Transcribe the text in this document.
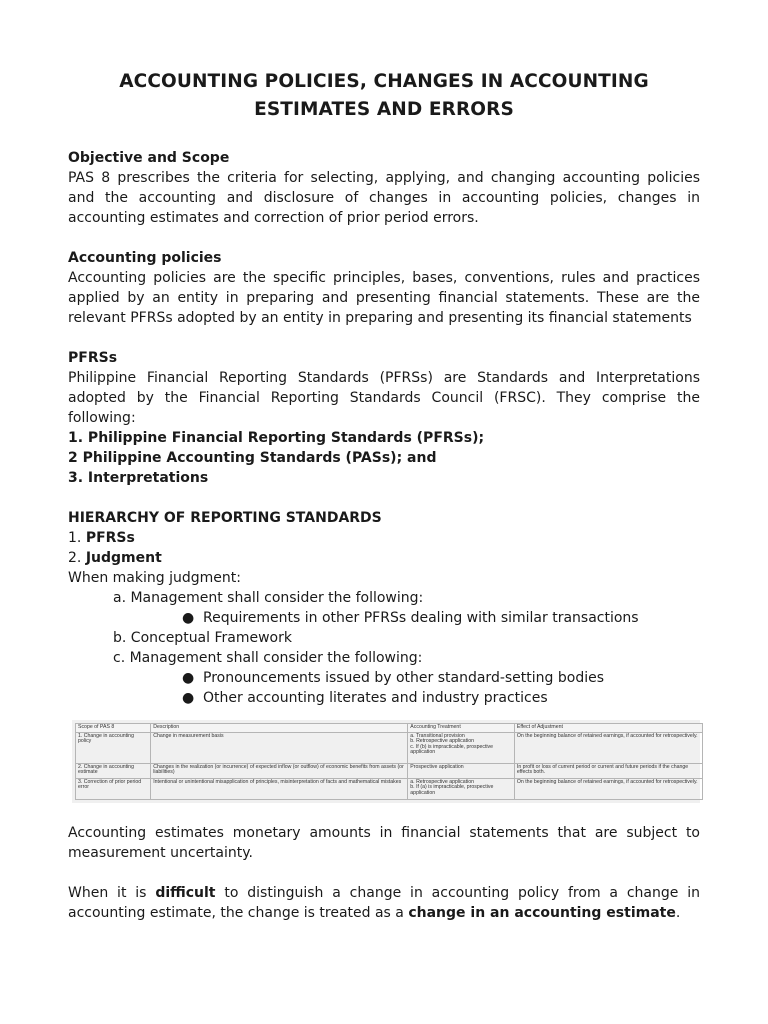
ACCOUNTING POLICIES, CHANGES IN ACCOUNTING
ESTIMATES AND ERRORS

Objective and Scope

PAS 8 prescribes the criteria for selecting, applying, and changing accounting policies and the accounting and disclosure of changes in accounting policies, changes in accounting estimates and correction of prior period errors.

Accounting policies

Accounting policies are the specific principles, bases, conventions, rules and practices applied by an entity in preparing and presenting financial statements. These are the relevant PFRSs adopted by an entity in preparing and presenting its financial statements

PFRSs

Philippine Financial Reporting Standards (PFRSs) are Standards and Interpretations adopted by the Financial Reporting Standards Council (FRSC). They comprise the following:

1. Philippine Financial Reporting Standards (PFRSs);

2 Philippine Accounting Standards (PASs); and

3. Interpretations

HIERARCHY OF REPORTING STANDARDS

1. PFRSs

2. Judgment

When making judgment:

a. Management shall consider the following:

● Requirements in other PFRSs dealing with similar transactions

b. Conceptual Framework

c. Management shall consider the following:

● Pronouncements issued by other standard-setting bodies

● Other accounting literates and industry practices

Scope of PAS 8	Description	Accounting Treatment	Effect of Adjustment
1. Change in accounting policy	Change in measurement basis	a. Transitional provision
b. Retrospective application
c. If (b) is impracticable, prospective application	On the beginning balance of retained earnings, if accounted for retrospectively.
2. Change in accounting estimate	Changes in the realization (or incurrence) of expected inflow (or outflow) of economic benefits from assets (or liabilities)	Prospective application	In profit or loss of current period or current and future periods if the change effects both.
3. Correction of prior period error	Intentional or unintentional misapplication of principles, misinterpretation of facts and mathematical mistakes	a. Retrospective application
b. If (a) is impracticable, prospective application	On the beginning balance of retained earnings, if accounted for retrospectively.

Accounting estimates monetary amounts in financial statements that are subject to measurement uncertainty.

When it is difficult to distinguish a change in accounting policy from a change in accounting estimate, the change is treated as a change in an accounting estimate.
